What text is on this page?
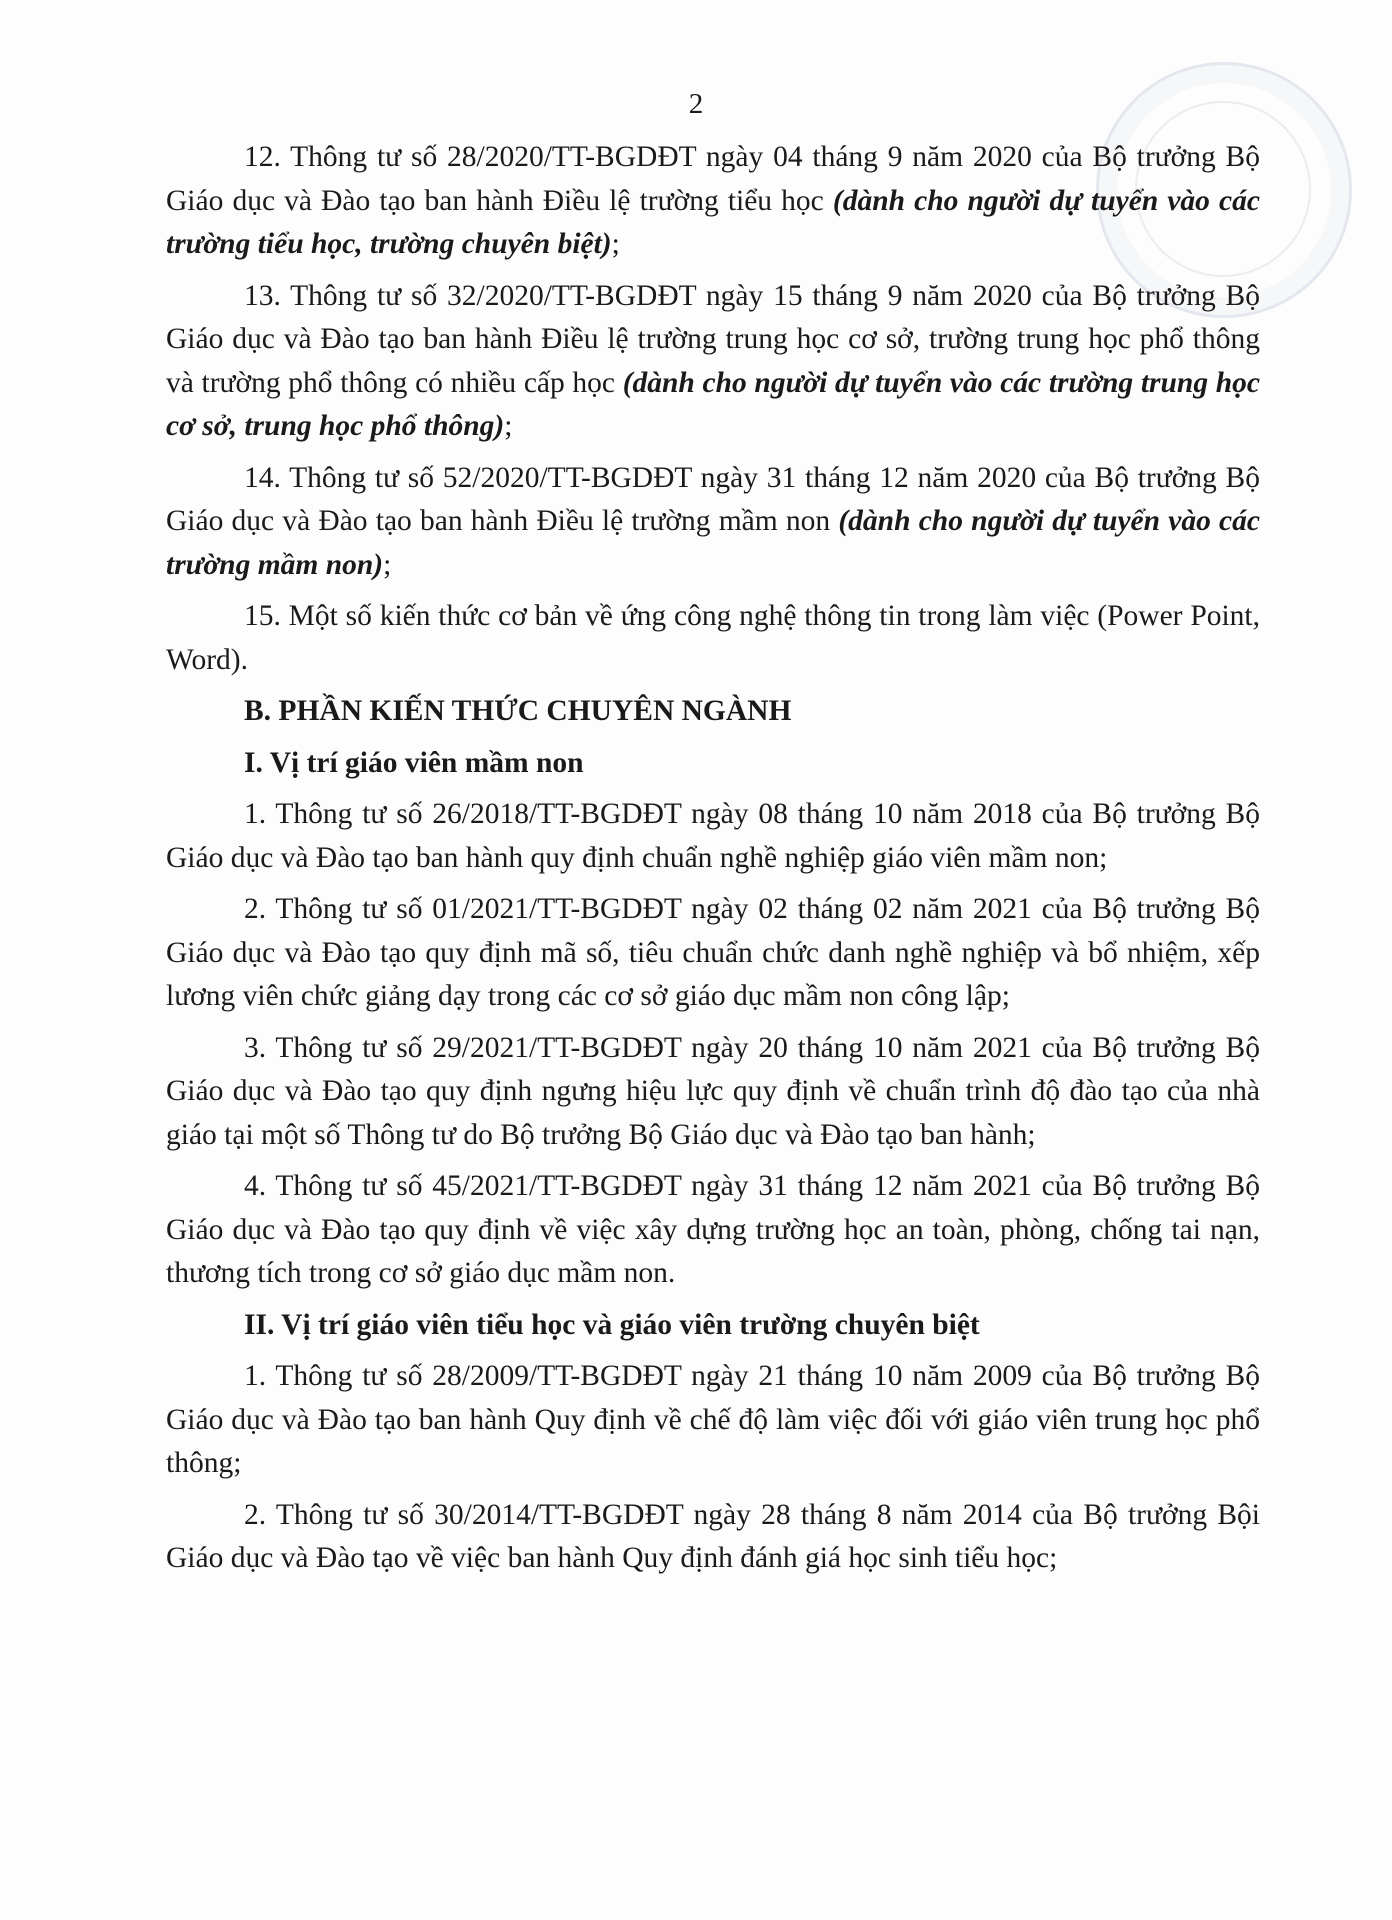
2

12. Thông tư số 28/2020/TT-BGDĐT ngày 04 tháng 9 năm 2020 của Bộ trưởng Bộ Giáo dục và Đào tạo ban hành Điều lệ trường tiểu học (dành cho người dự tuyển vào các trường tiểu học, trường chuyên biệt);

13. Thông tư số 32/2020/TT-BGDĐT ngày 15 tháng 9 năm 2020 của Bộ trưởng Bộ Giáo dục và Đào tạo ban hành Điều lệ trường trung học cơ sở, trường trung học phổ thông và trường phổ thông có nhiều cấp học (dành cho người dự tuyển vào các trường trung học cơ sở, trung học phổ thông);

14. Thông tư số 52/2020/TT-BGDĐT ngày 31 tháng 12 năm 2020 của Bộ trưởng Bộ Giáo dục và Đào tạo ban hành Điều lệ trường mầm non (dành cho người dự tuyển vào các trường mầm non);

15. Một số kiến thức cơ bản về ứng công nghệ thông tin trong làm việc (Power Point, Word).

B. PHẦN KIẾN THỨC CHUYÊN NGÀNH

I. Vị trí giáo viên mầm non

1. Thông tư số 26/2018/TT-BGDĐT ngày 08 tháng 10 năm 2018 của Bộ trưởng Bộ Giáo dục và Đào tạo ban hành quy định chuẩn nghề nghiệp giáo viên mầm non;

2. Thông tư số 01/2021/TT-BGDĐT ngày 02 tháng 02 năm 2021 của Bộ trưởng Bộ Giáo dục và Đào tạo quy định mã số, tiêu chuẩn chức danh nghề nghiệp và bổ nhiệm, xếp lương viên chức giảng dạy trong các cơ sở giáo dục mầm non công lập;

3. Thông tư số 29/2021/TT-BGDĐT ngày 20 tháng 10 năm 2021 của Bộ trưởng Bộ Giáo dục và Đào tạo quy định ngưng hiệu lực quy định về chuẩn trình độ đào tạo của nhà giáo tại một số Thông tư do Bộ trưởng Bộ Giáo dục và Đào tạo ban hành;

4. Thông tư số 45/2021/TT-BGDĐT ngày 31 tháng 12 năm 2021 của Bộ trưởng Bộ Giáo dục và Đào tạo quy định về việc xây dựng trường học an toàn, phòng, chống tai nạn, thương tích trong cơ sở giáo dục mầm non.

II. Vị trí giáo viên tiểu học và giáo viên trường chuyên biệt

1. Thông tư số 28/2009/TT-BGDĐT ngày 21 tháng 10 năm 2009 của Bộ trưởng Bộ Giáo dục và Đào tạo ban hành Quy định về chế độ làm việc đối với giáo viên trung học phổ thông;

2. Thông tư số 30/2014/TT-BGDĐT ngày 28 tháng 8 năm 2014 của Bộ trưởng Bội Giáo dục và Đào tạo về việc ban hành Quy định đánh giá học sinh tiểu học;
